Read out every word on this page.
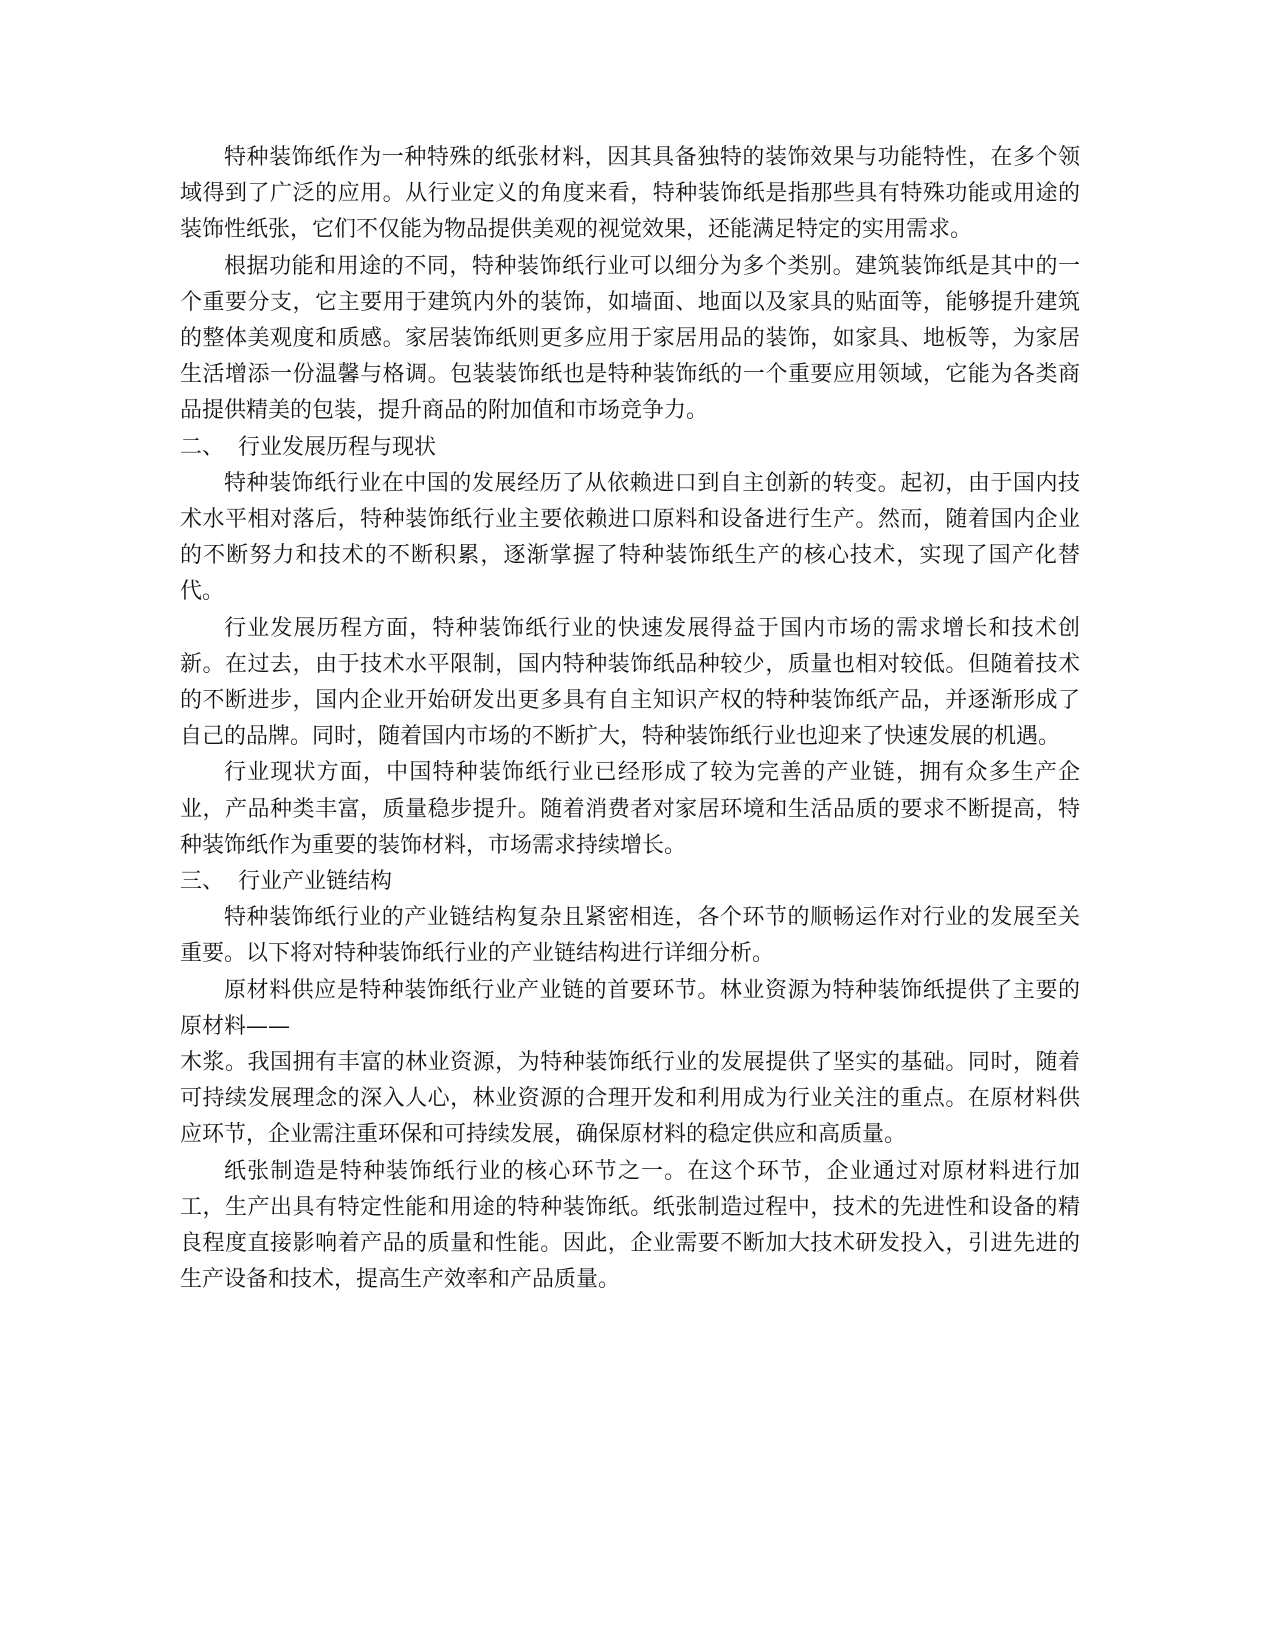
特种装饰纸作为一种特殊的纸张材料，因其具备独特的装饰效果与功能特性，在多个领域得到了广泛的应用。从行业定义的角度来看，特种装饰纸是指那些具有特殊功能或用途的装饰性纸张，它们不仅能为物品提供美观的视觉效果，还能满足特定的实用需求。

根据功能和用途的不同，特种装饰纸行业可以细分为多个类别。建筑装饰纸是其中的一个重要分支，它主要用于建筑内外的装饰，如墙面、地面以及家具的贴面等，能够提升建筑的整体美观度和质感。家居装饰纸则更多应用于家居用品的装饰，如家具、地板等，为家居生活增添一份温馨与格调。包装装饰纸也是特种装饰纸的一个重要应用领域，它能为各类商品提供精美的包装，提升商品的附加值和市场竞争力。

二、  行业发展历程与现状

特种装饰纸行业在中国的发展经历了从依赖进口到自主创新的转变。起初，由于国内技术水平相对落后，特种装饰纸行业主要依赖进口原料和设备进行生产。然而，随着国内企业的不断努力和技术的不断积累，逐渐掌握了特种装饰纸生产的核心技术，实现了国产化替代。

行业发展历程方面，特种装饰纸行业的快速发展得益于国内市场的需求增长和技术创新。在过去，由于技术水平限制，国内特种装饰纸品种较少，质量也相对较低。但随着技术的不断进步，国内企业开始研发出更多具有自主知识产权的特种装饰纸产品，并逐渐形成了自己的品牌。同时，随着国内市场的不断扩大，特种装饰纸行业也迎来了快速发展的机遇。

行业现状方面，中国特种装饰纸行业已经形成了较为完善的产业链，拥有众多生产企业，产品种类丰富，质量稳步提升。随着消费者对家居环境和生活品质的要求不断提高，特种装饰纸作为重要的装饰材料，市场需求持续增长。

三、  行业产业链结构

特种装饰纸行业的产业链结构复杂且紧密相连，各个环节的顺畅运作对行业的发展至关重要。以下将对特种装饰纸行业的产业链结构进行详细分析。

原材料供应是特种装饰纸行业产业链的首要环节。林业资源为特种装饰纸提供了主要的原材料——

木浆。我国拥有丰富的林业资源，为特种装饰纸行业的发展提供了坚实的基础。同时，随着可持续发展理念的深入人心，林业资源的合理开发和利用成为行业关注的重点。在原材料供应环节，企业需注重环保和可持续发展，确保原材料的稳定供应和高质量。

纸张制造是特种装饰纸行业的核心环节之一。在这个环节，企业通过对原材料进行加工，生产出具有特定性能和用途的特种装饰纸。纸张制造过程中，技术的先进性和设备的精良程度直接影响着产品的质量和性能。因此，企业需要不断加大技术研发投入，引进先进的生产设备和技术，提高生产效率和产品质量。
